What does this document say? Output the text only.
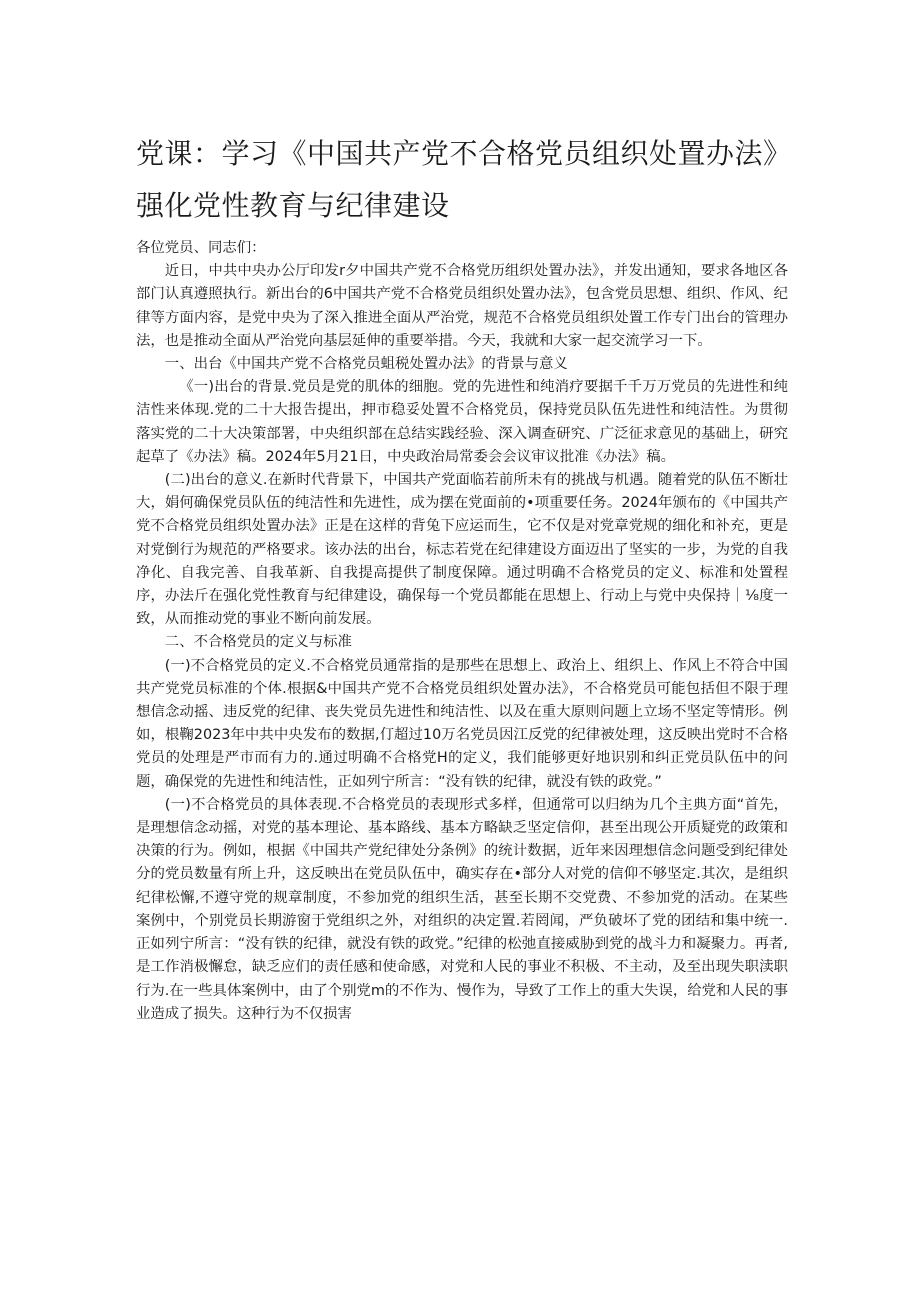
党课：学习《中国共产党不合格党员组织处置办法》
强化党性教育与纪律建设

各位党员、同志们：

近日，中共中央办公厅印发r夕中国共产党不合格党历组织处置办法》，并发出通知，要求各地区各部门认真遵照执行。新出台的6中国共产党不合格党员组织处置办法》，包含党员思想、组织、作风、纪律等方面内容，是党中央为了深入推进全面从严治党，规范不合格党员组织处置工作专门出台的管理办法，也是推动全面从严治党向基层延伸的重要举措。今天，我就和大家一起交流学习一下。

一、出台《中国共产党不合格党员蛆税处置办法》的背景与意义

《一)出台的背景.党员是党的肌体的细胞。党的先进性和纯消疗要据千千万万党员的先进性和纯洁性来体现.党的二十大报告提出，押市稳妥处置不合格党员，保持党员队伍先进性和纯洁性。为贯彻落实党的二十大决策部署，中央组织部在总结实践经验、深入调查研究、广泛征求意见的基础上，研究起草了《办法》稿。2024年5月21日，中央政治局常委会会议审议批准《办法》稿。

(二)出台的意义.在新时代背景下，中国共产党面临若前所未有的挑战与机遇。随着党的队伍不断壮大，娟何确保党员队伍的纯洁性和先进性，成为摆在党面前的•项重要任务。2024年颁布的《中国共产党不合格党员组织处置办法》正是在这样的背兔下应运而生，它不仅是对党章党规的细化和补充，更是对党倒行为规范的严格要求。该办法的出台，标志若党在纪律建设方面迈出了坚实的一步，为党的自我净化、自我完善、自我革新、自我提高提供了制度保障。通过明确不合格党员的定义、标准和处置程序，办法斤在强化党性教育与纪律建设，确保每一个党员都能在思想上、行动上与党中央保持｜⅛度一致，从而推动党的事业不断向前发展。

二、不合格党员的定义与标准

(一)不合格党员的定义.不合格党员通常指的是那些在思想上、政治上、组织上、作风上不符合中国共产党党员标准的个体.根据&中国共产党不合格党员组织处置办法》，不合格党员可能包括但不限于理想信念动摇、违反党的纪律、丧失党员先进性和纯洁性、以及在重大原则问题上立场不坚定等情形。例如，根鞠2023年中共中央发布的数据,仃超过10万名党员因江反党的纪律被处理，这反映出党时不合格党员的处理是严市而有力的.通过明确不合格党H的定义，我们能够更好地识别和纠正党员队伍中的问题，确保党的先进性和纯洁性，正如列宁所言：“没有铁的纪律，就没有铁的政党。”

(一)不合格党员的具体表现.不合格党员的表现形式多样，但通常可以归纳为几个主典方面“首先，是理想信念动摇，对党的基本理论、基本路线、基本方略缺乏坚定信仰，甚至出现公开质疑党的政策和决策的行为。例如，根据《中国共产党纪律处分条例》的统计数据，近年来因理想信念问题受到纪律处分的党员数量有所上升，这反映出在党员队伍中，确实存在•部分人对党的信仰不够坚定.其次，是组织纪律松懈,不遵守党的规章制度，不参加党的组织生活，甚至长期不交党费、不参加党的活动。在某些案例中，个别党员长期游窗于党组织之外，对组织的决定置.若罔闻，严负破坏了党的团结和集中统一.正如列宁所言：“没有铁的纪律，就没有铁的政党。”纪律的松弛直接威胁到党的战斗力和凝聚力。再者,是工作消极懈怠，缺乏应们的责任感和使命感，对党和人民的事业不积极、不主动，及至出现失职渎职行为.在一些具体案例中，由了个别党m的不作为、慢作为，导致了工作上的重大失误，给党和人民的事业造成了损失。这种行为不仅损害
